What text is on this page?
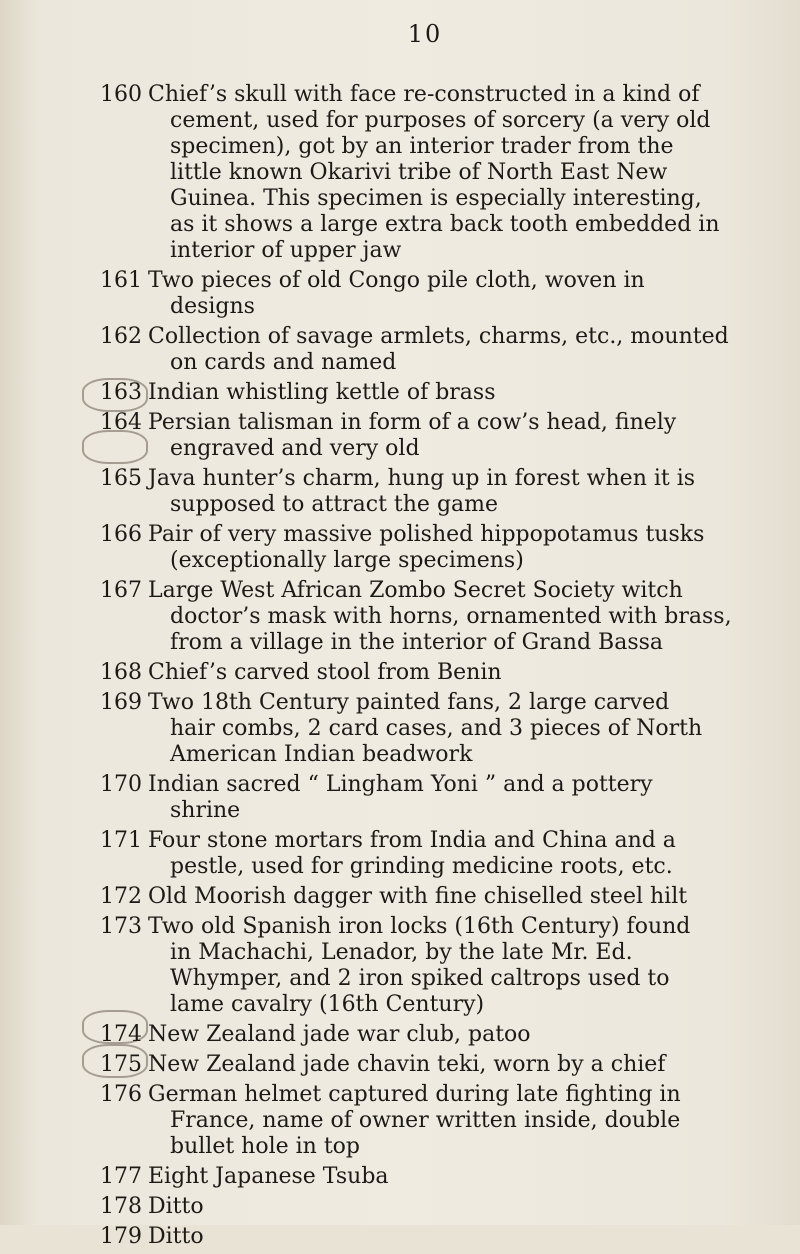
10
160 Chief’s skull with face re-constructed in a kind of
cement, used for purposes of sorcery (a very old
specimen), got by an interior trader from the
little known Okarivi tribe of North East New
Guinea. This specimen is especially interesting,
as it shows a large extra back tooth embedded in
interior of upper jaw
161 Two pieces of old Congo pile cloth, woven in
designs
162 Collection of savage armlets, charms, etc., mounted
on cards and named
163 Indian whistling kettle of brass
164 Persian talisman in form of a cow’s head, finely
engraved and very old
165 Java hunter’s charm, hung up in forest when it is
supposed to attract the game
166 Pair of very massive polished hippopotamus tusks
(exceptionally large specimens)
167 Large West African Zombo Secret Society witch
doctor’s mask with horns, ornamented with brass,
from a village in the interior of Grand Bassa
168 Chief’s carved stool from Benin
169 Two 18th Century painted fans, 2 large carved
hair combs, 2 card cases, and 3 pieces of North
American Indian beadwork
170 Indian sacred “ Lingham Yoni ” and a pottery
shrine
171 Four stone mortars from India and China and a
pestle, used for grinding medicine roots, etc.
172 Old Moorish dagger with fine chiselled steel hilt
173 Two old Spanish iron locks (16th Century) found
in Machachi, Lenador, by the late Mr. Ed.
Whymper, and 2 iron spiked caltrops used to
lame cavalry (16th Century)
174 New Zealand jade war club, patoo
175 New Zealand jade chavin teki, worn by a chief
176 German helmet captured during late fighting in
France, name of owner written inside, double
bullet hole in top
177 Eight Japanese Tsuba
178 Ditto
179 Ditto
